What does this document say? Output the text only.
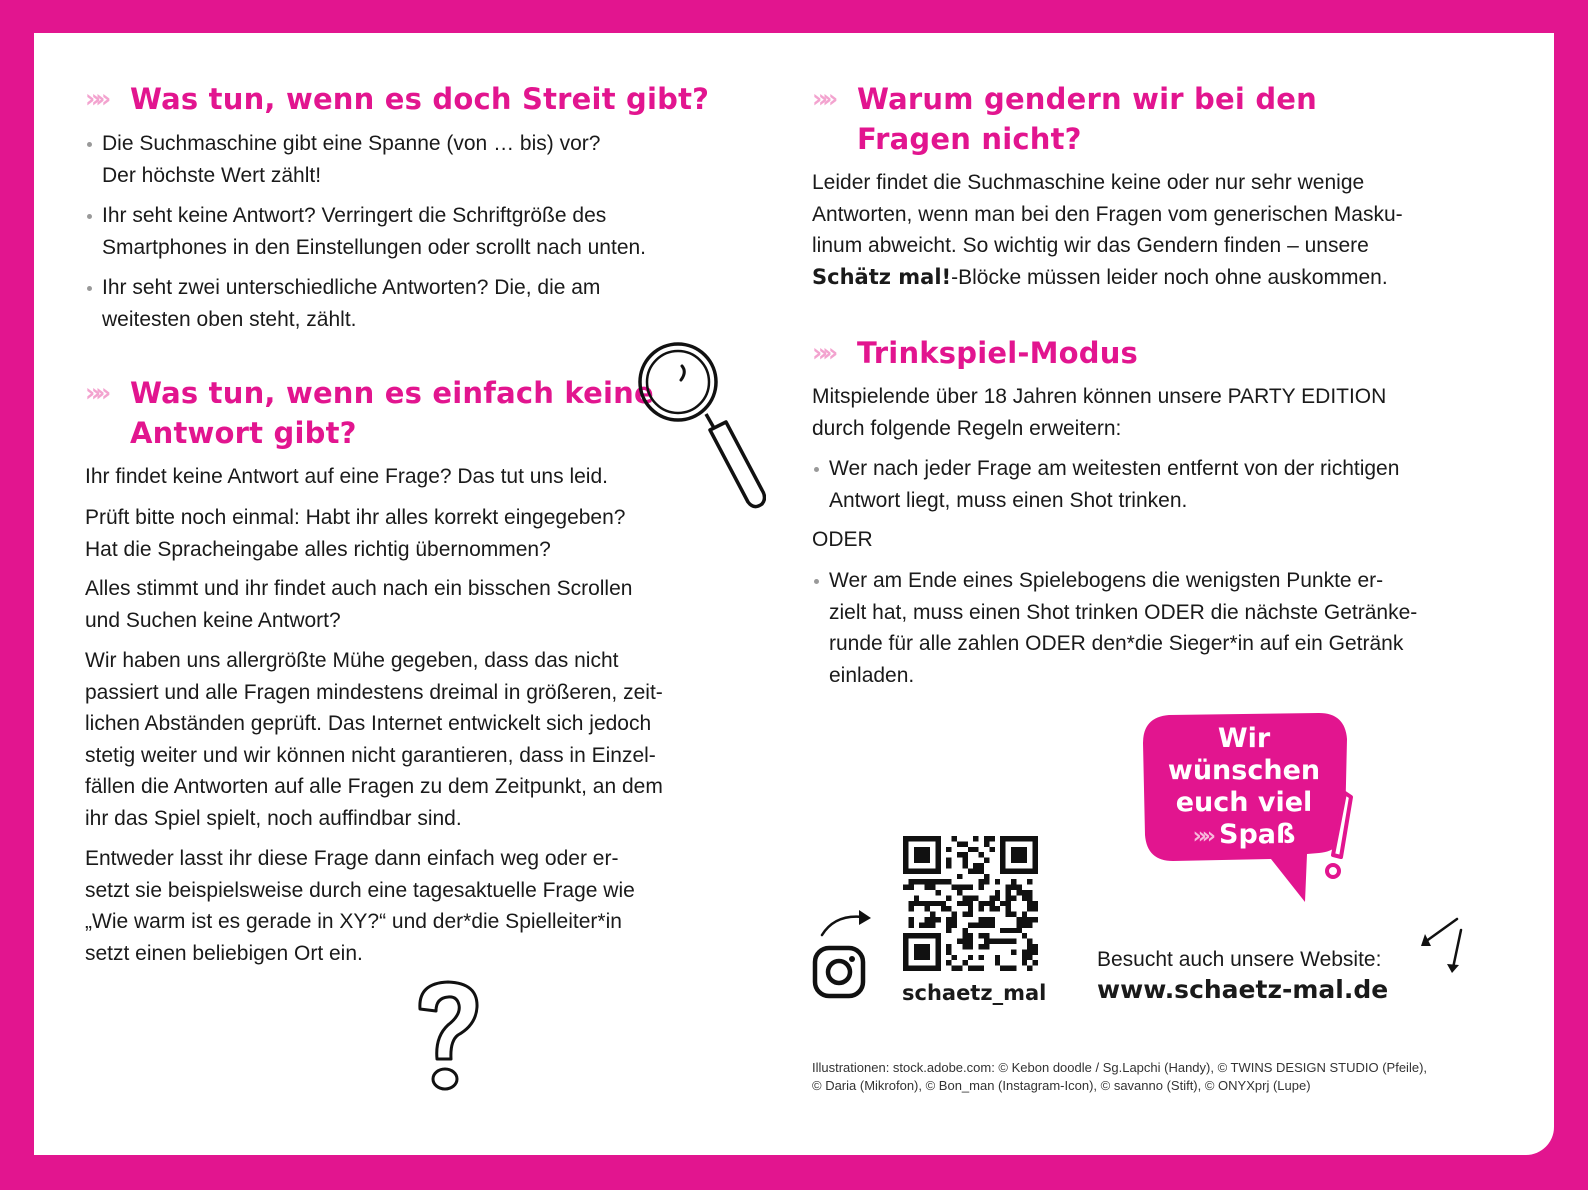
»» Was tun, wenn es doch Streit gibt?
Die Suchmaschine gibt eine Spanne (von … bis) vor?
Der höchste Wert zählt!
Ihr seht keine Antwort? Verringert die Schriftgröße des
Smartphones in den Einstellungen oder scrollt nach unten.
Ihr seht zwei unterschiedliche Antworten? Die, die am
weitesten oben steht, zählt.
»» Was tun, wenn es einfach keine
Antwort gibt?

Ihr findet keine Antwort auf eine Frage? Das tut uns leid.

Prüft bitte noch einmal: Habt ihr alles korrekt eingegeben?
Hat die Spracheingabe alles richtig übernommen?

Alles stimmt und ihr findet auch nach ein bisschen Scrollen
und Suchen keine Antwort?

Wir haben uns allergrößte Mühe gegeben, dass das nicht
passiert und alle Fragen mindestens dreimal in größeren, zeit-
lichen Abständen geprüft. Das Internet entwickelt sich jedoch
stetig weiter und wir können nicht garantieren, dass in Einzel-
fällen die Antworten auf alle Fragen zu dem Zeitpunkt, an dem
ihr das Spiel spielt, noch auffindbar sind.

Entweder lasst ihr diese Frage dann einfach weg oder er-
setzt sie beispielsweise durch eine tagesaktuelle Frage wie
„Wie warm ist es gerade in XY?“ und der*die Spielleiter*in
setzt einen beliebigen Ort ein.

»» Warum gendern wir bei den
Fragen nicht?

Leider findet die Suchmaschine keine oder nur sehr wenige
Antworten, wenn man bei den Fragen vom generischen Masku-
linum abweicht. So wichtig wir das Gendern finden – unsere
Schätz mal!-Blöcke müssen leider noch ohne auskommen.

»» Trinkspiel-Modus

Mitspielende über 18 Jahren können unsere PARTY EDITION
durch folgende Regeln erweitern:

Wer nach jeder Frage am weitesten entfernt von der richtigen
Antwort liegt, muss einen Shot trinken.

ODER

Wer am Ende eines Spielebogens die wenigsten Punkte er-
zielt hat, muss einen Shot trinken ODER die nächste Getränke-
runde für alle zahlen ODER den*die Sieger*in auf ein Getränk
einladen.
Wir
wünschen
euch viel
»» Spaß
schaetz_mal
Besucht auch unsere Website:
www.schaetz-mal.de

Illustrationen: stock.adobe.com: © Kebon doodle / Sg.Lapchi (Handy), © TWINS DESIGN STUDIO (Pfeile),
© Daria (Mikrofon), © Bon_man (Instagram-Icon), © savanno (Stift), © ONYXprj (Lupe)
